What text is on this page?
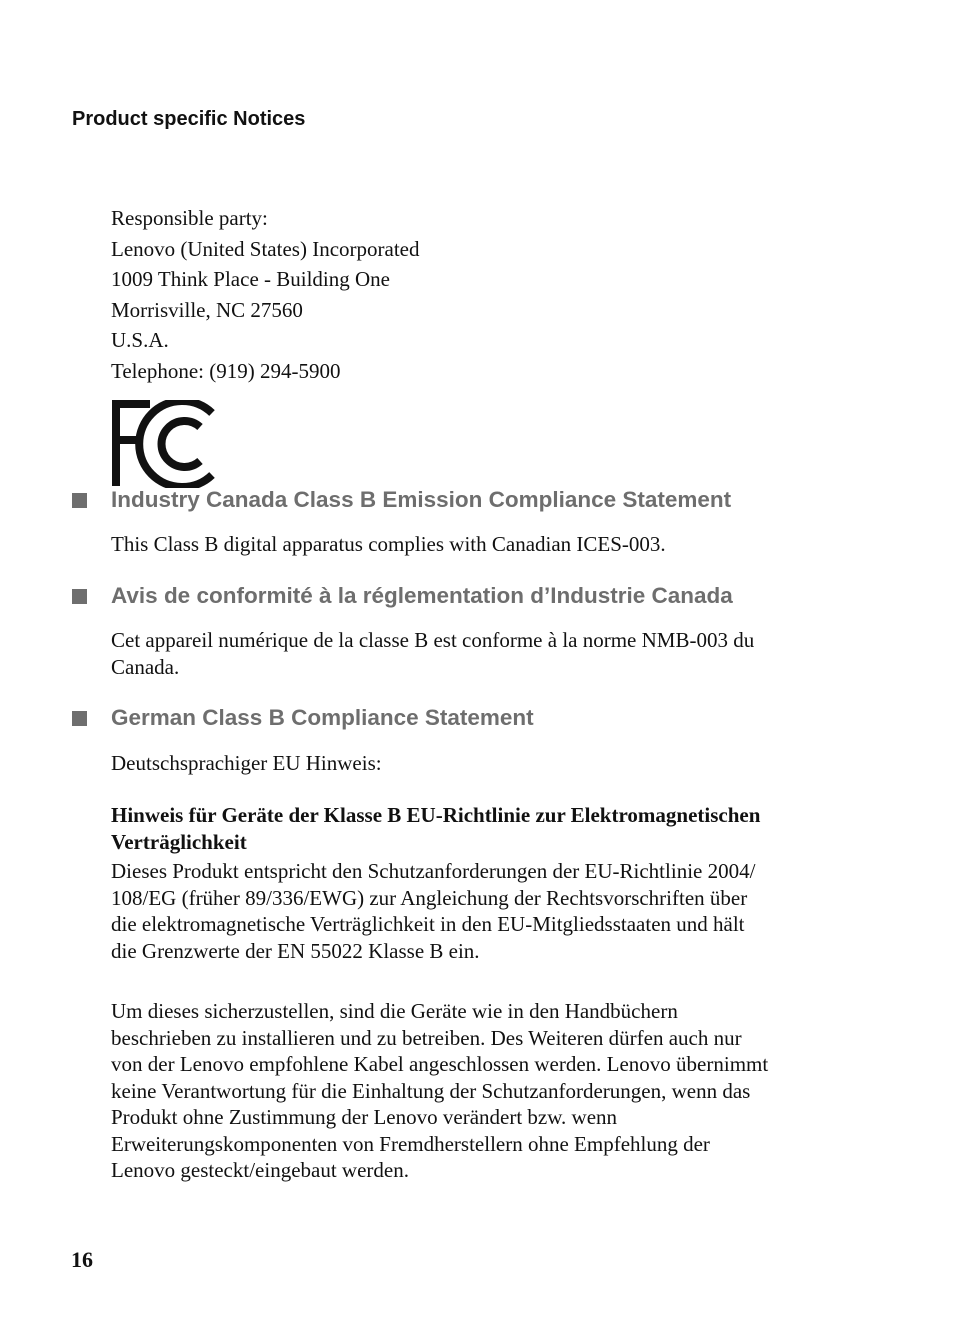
Product specific Notices
Responsible party:
Lenovo (United States) Incorporated
1009 Think Place - Building One
Morrisville, NC 27560
U.S.A.
Telephone: (919) 294-5900
Industry Canada Class B Emission Compliance Statement
This Class B digital apparatus complies with Canadian ICES-003.
Avis de conformité à la réglementation d’Industrie Canada
Cet appareil numérique de la classe B est conforme à la norme NMB-003 du
Canada.
German Class B Compliance Statement
Deutschsprachiger EU Hinweis:
Hinweis für Geräte der Klasse B EU-Richtlinie zur Elektromagnetischen
Verträglichkeit
Dieses Produkt entspricht den Schutzanforderungen der EU-Richtlinie 2004/
108/EG (früher 89/336/EWG) zur Angleichung der Rechtsvorschriften über
die elektromagnetische Verträglichkeit in den EU-Mitgliedsstaaten und hält
die Grenzwerte der EN 55022 Klasse B ein.
Um dieses sicherzustellen, sind die Geräte wie in den Handbüchern
beschrieben zu installieren und zu betreiben. Des Weiteren dürfen auch nur
von der Lenovo empfohlene Kabel angeschlossen werden. Lenovo übernimmt
keine Verantwortung für die Einhaltung der Schutzanforderungen, wenn das
Produkt ohne Zustimmung der Lenovo verändert bzw. wenn
Erweiterungskomponenten von Fremdherstellern ohne Empfehlung der
Lenovo gesteckt/eingebaut werden.
16
